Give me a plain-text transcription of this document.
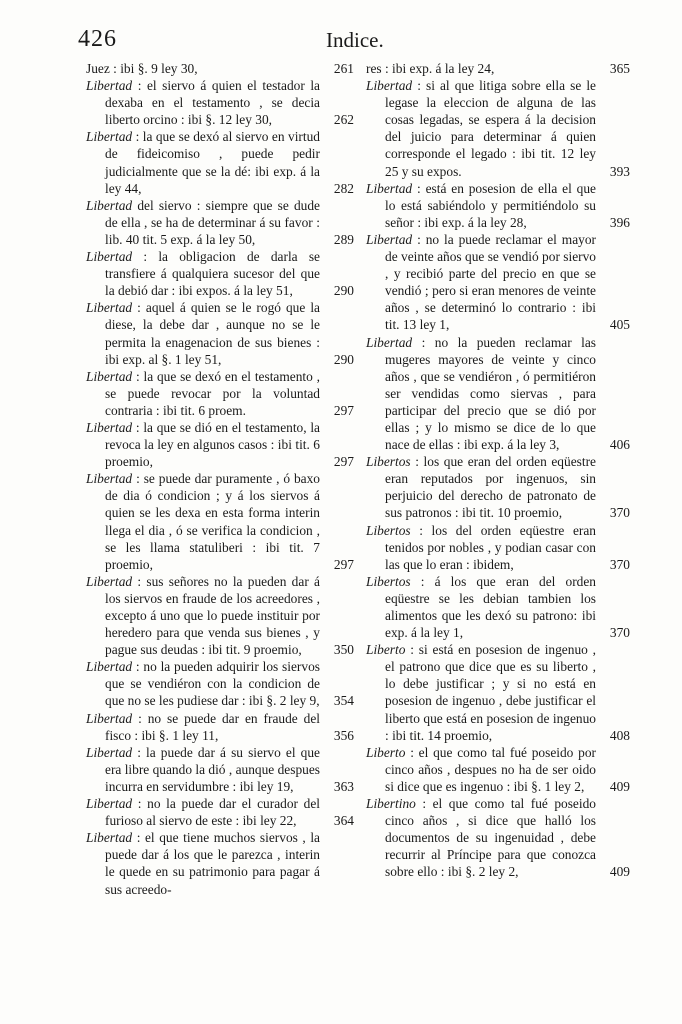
426	Indice.

Juez : ibi §. 9 ley 30,	261

Libertad : el siervo á quien el testador la dexaba en el testamento , se decia liberto orcino : ibi §. 12 ley 30,	262

Libertad : la que se dexó al siervo en virtud de fideicomiso , puede pedir judicialmente que se la dé: ibi exp. á la ley 44,	282

Libertad del siervo : siempre que se dude de ella , se ha de determinar á su favor : lib. 40 tit. 5 exp. á la ley 50,	289

Libertad : la obligacion de darla se transfiere á qualquiera sucesor del que la debió dar : ibi expos. á la ley 51,	290

Libertad : aquel á quien se le rogó que la diese, la debe dar , aunque no se le permita la enagenacion de sus bienes : ibi exp. al §. 1 ley 51,	290

Libertad : la que se dexó en el testamento , se puede revocar por la voluntad contraria : ibi tit. 6 proem.	297

Libertad : la que se dió en el testamento, la revoca la ley en algunos casos : ibi tit. 6 proemio,	297

Libertad : se puede dar puramente , ó baxo de dia ó condicion ; y á los siervos á quien se les dexa en esta forma interin llega el dia , ó se verifica la condicion , se les llama statuliberi : ibi tit. 7 proemio,	297

Libertad : sus señores no la pueden dar á los siervos en fraude de los acreedores , excepto á uno que lo puede instituir por heredero para que venda sus bienes , y pague sus deudas : ibi tit. 9 proemio, 350

Libertad : no la pueden adquirir los siervos que se vendiéron con la condicion de que no se les pudiese dar : ibi §. 2 ley 9, 354

Libertad : no se puede dar en fraude del fisco : ibi §. 1 ley 11,	356

Libertad : la puede dar á su siervo el que era libre quando la dió , aunque despues incurra en servidumbre : ibi ley 19,	363

Libertad : no la puede dar el curador del furioso al siervo de este : ibi ley 22,	364

Libertad : el que tiene muchos siervos , la puede dar á los que le parezca , interin le quede en su patrimonio para pagar á sus acreedo-

res : ibi exp. á la ley 24,	365

Libertad : si al que litiga sobre ella se le legase la eleccion de alguna de las cosas legadas, se espera á la decision del juicio para determinar á quien corresponde el legado : ibi tit. 12 ley 25 y su expos.	393

Libertad : está en posesion de ella el que lo está sabiéndolo y permitiéndolo su señor : ibi exp. á la ley 28,	396

Libertad : no la puede reclamar el mayor de veinte años que se vendió por siervo , y recibió parte del precio en que se vendió ; pero si eran menores de veinte años , se determinó lo contrario : ibi tit. 13 ley 1,	405

Libertad : no la pueden reclamar las mugeres mayores de veinte y cinco años , que se vendiéron , ó permitiéron ser vendidas como siervas , para participar del precio que se dió por ellas ; y lo mismo se dice de lo que nace de ellas : ibi exp. á la ley 3,	406

Libertos : los que eran del orden eqüestre eran reputados por ingenuos, sin perjuicio del derecho de patronato de sus patronos : ibi tit. 10 proemio,	370

Libertos : los del orden eqüestre eran tenidos por nobles , y podian casar con las que lo eran : ibidem,	370

Libertos : á los que eran del orden eqüestre se les debian tambien los alimentos que les dexó su patrono: ibi exp. á la ley 1,	370

Liberto : si está en posesion de ingenuo , el patrono que dice que es su liberto , lo debe justificar ; y si no está en posesion de ingenuo , debe justificar el liberto que está en posesion de ingenuo : ibi tit. 14 proemio,	408

Liberto : el que como tal fué poseido por cinco años , despues no ha de ser oido si dice que es ingenuo : ibi §. 1 ley 2, 409

Libertino : el que como tal fué poseido cinco años , si dice que halló los documentos de su ingenuidad , debe recurrir al Príncipe para que conozca sobre ello : ibi §. 2 ley 2,	409
